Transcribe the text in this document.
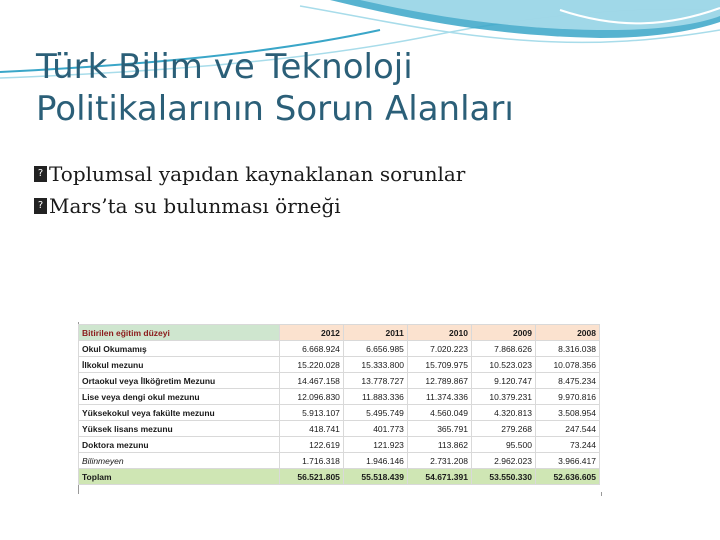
Türk Bilim ve Teknoloji
Politikalarının Sorun Alanları
? Toplumsal yapıdan kaynaklanan sorunlar
? Mars’ta su bulunması örneği
Bitirilen eğitim düzeyi	2012	2011	2010	2009	2008
Okul Okumamış	6.668.924	6.656.985	7.020.223	7.868.626	8.316.038
İlkokul mezunu	15.220.028	15.333.800	15.709.975	10.523.023	10.078.356
Ortaokul veya İlköğretim Mezunu	14.467.158	13.778.727	12.789.867	9.120.747	8.475.234
Lise veya dengi okul mezunu	12.096.830	11.883.336	11.374.336	10.379.231	9.970.816
Yüksekokul veya fakülte mezunu	5.913.107	5.495.749	4.560.049	4.320.813	3.508.954
Yüksek lisans mezunu	418.741	401.773	365.791	279.268	247.544
Doktora mezunu	122.619	121.923	113.862	95.500	73.244
Bilinmeyen	1.716.318	1.946.146	2.731.208	2.962.023	3.966.417
Toplam	56.521.805	55.518.439	54.671.391	53.550.330	52.636.605
